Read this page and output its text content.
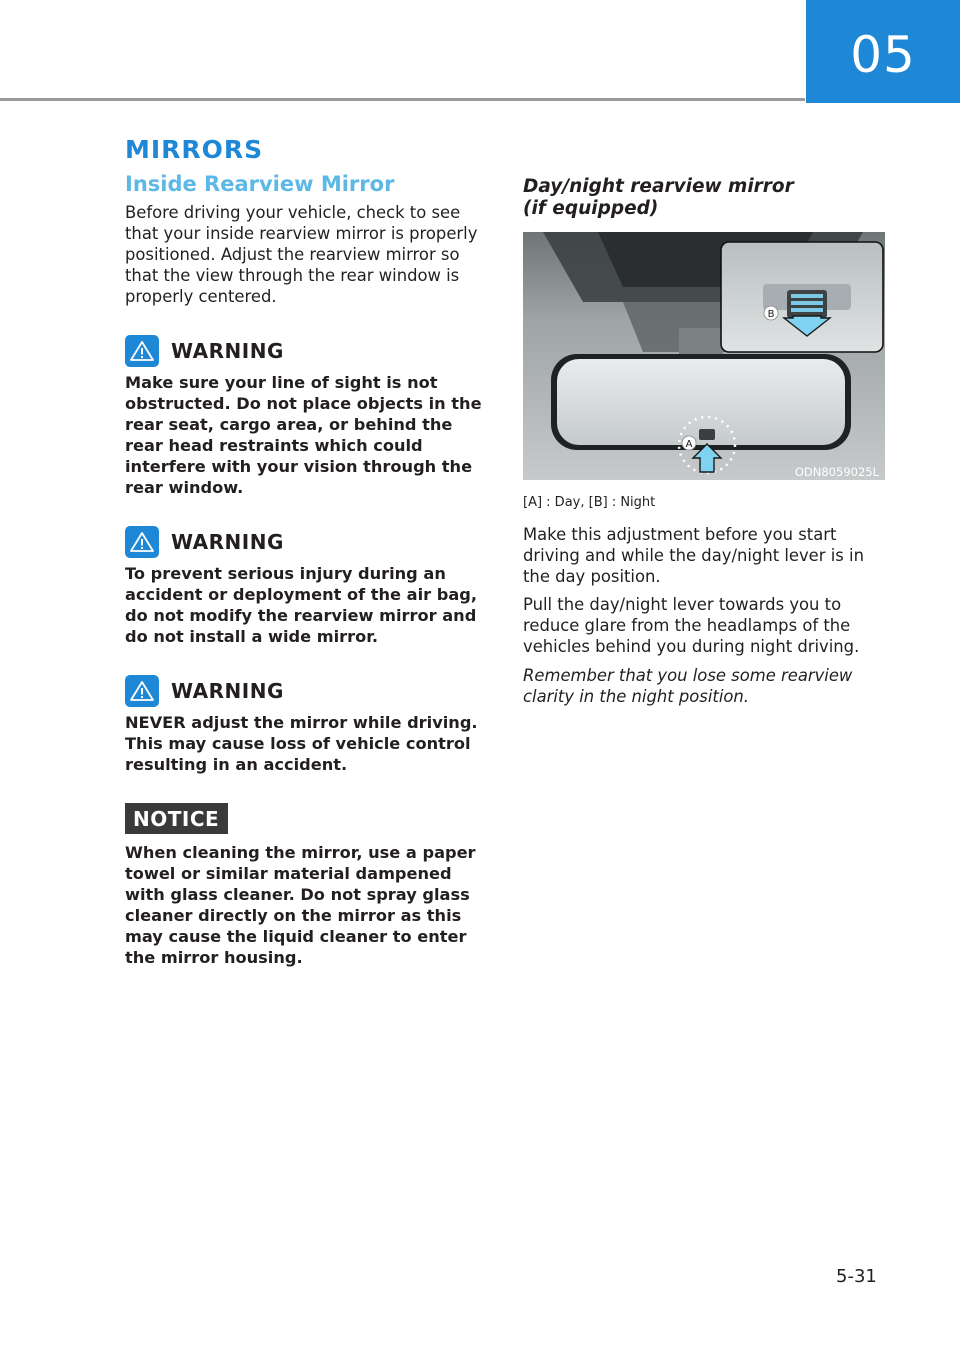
05
MIRRORS
Inside Rearview Mirror

Before driving your vehicle, check to see that your inside rearview mirror is properly positioned. Adjust the rearview mirror so that the view through the rear window is properly centered.

WARNING

Make sure your line of sight is not obstructed. Do not place objects in the rear seat, cargo area, or behind the rear head restraints which could interfere with your vision through the rear window.

WARNING

To prevent serious injury during an accident or deployment of the air bag, do not modify the rearview mirror and do not install a wide mirror.

WARNING

NEVER adjust the mirror while driving. This may cause loss of vehicle control resulting in an accident.

NOTICE

When cleaning the mirror, use a paper towel or similar material dampened with glass cleaner. Do not spray glass cleaner directly on the mirror as this may cause the liquid cleaner to enter the mirror housing.

Day/night rearview mirror
(if equipped)
A
B
ODN8059025L

[A] : Day, [B] : Night

Make this adjustment before you start driving and while the day/night lever is in the day position.

Pull the day/night lever towards you to reduce glare from the headlamps of the vehicles behind you during night driving.

Remember that you lose some rearview clarity in the night position.

5-31
